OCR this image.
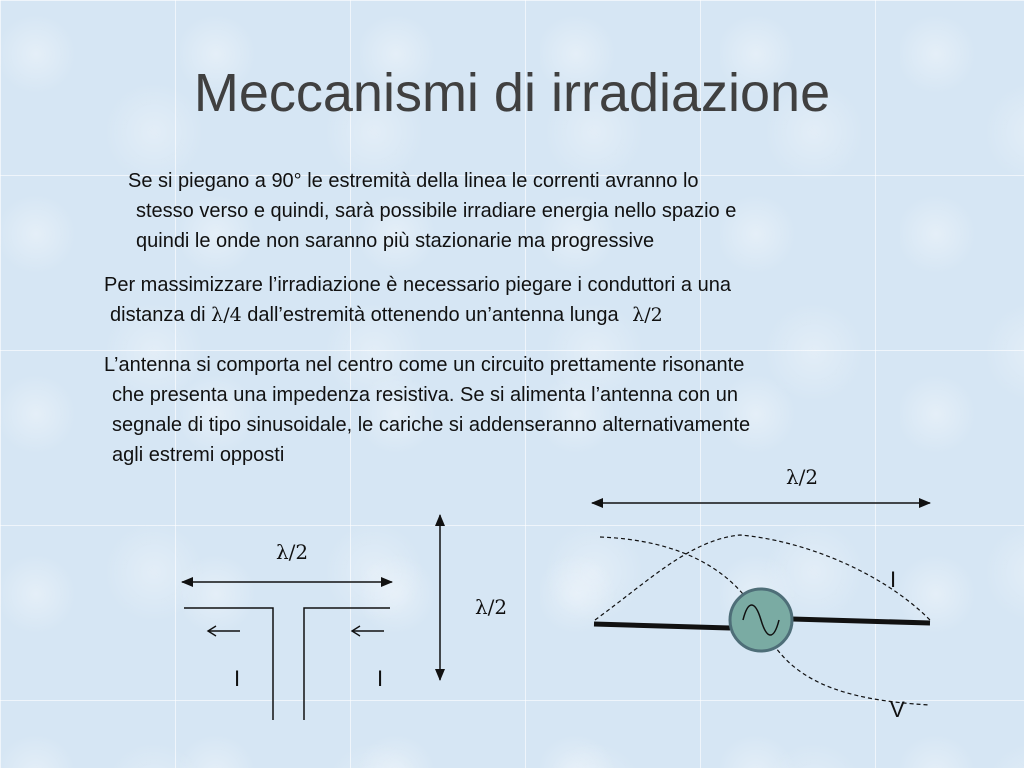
Meccanismi di irradiazione
Se si piegano a 90° le estremità della linea le correnti avranno lo
stesso verso e quindi, sarà possibile irradiare energia nello spazio e
quindi le onde non saranno più stazionarie ma progressive
Per massimizzare l’irradiazione è necessario piegare i conduttori a una
distanza di λ/4 dall’estremità ottenendo un’antenna lunga λ/2
L’antenna si comporta nel centro come un circuito prettamente risonante
che presenta una impedenza resistiva. Se si alimenta l’antenna con un
segnale di tipo sinusoidale, le cariche si addenseranno alternativamente
agli estremi opposti
λ/2
λ/2
I	I
λ/2
I
V
